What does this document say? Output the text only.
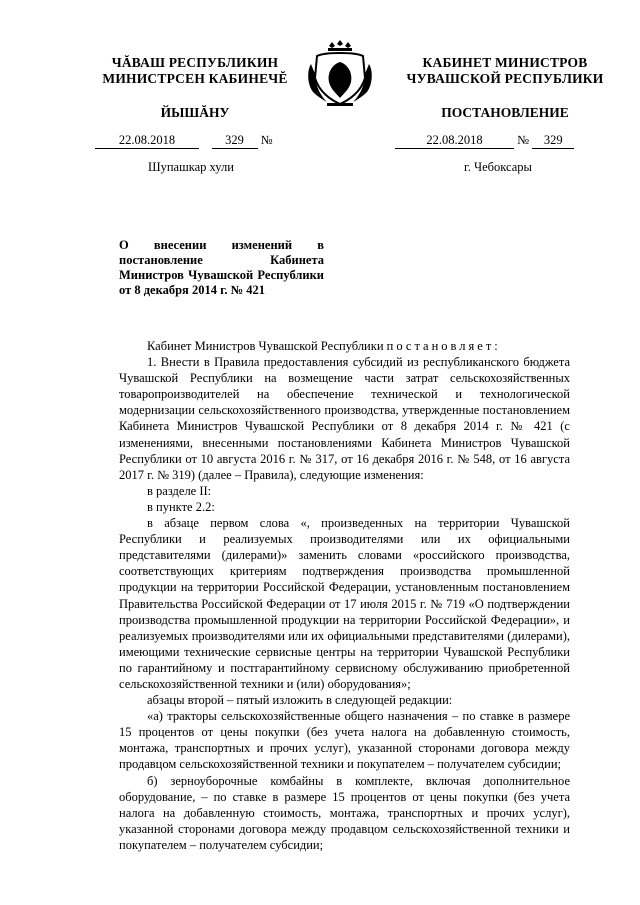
ЧĂВАШ РЕСПУБЛИКИН
МИНИСТРСЕН КАБИНЕЧĔ
ЙЫШĂНУ
КАБИНЕТ МИНИСТРОВ
ЧУВАШСКОЙ РЕСПУБЛИКИ
ПОСТАНОВЛЕНИЕ
22.08.2018	329 №	22.08.2018	№ 329
Шупашкар хули	г. Чебоксары
О внесении изменений в постановление Кабинета Министров Чувашской Республики от 8 декабря 2014 г. № 421

Кабинет Министров Чувашской Республики постановляет:

1. Внести в Правила предоставления субсидий из республиканского бюджета Чувашской Республики на возмещение части затрат сельскохозяйственных товаропроизводителей на обеспечение технической и технологической модернизации сельскохозяйственного производства, утвержденные постановлением Кабинета Министров Чувашской Республики от 8 декабря 2014 г. № 421 (с изменениями, внесенными постановлениями Кабинета Министров Чувашской Республики от 10 августа 2016 г. № 317, от 16 декабря 2016 г. № 548, от 16 августа 2017 г. № 319) (далее – Правила), следующие изменения:

в разделе II:

в пункте 2.2:

в абзаце первом слова «, произведенных на территории Чувашской Республики и реализуемых производителями или их официальными представителями (дилерами)» заменить словами «российского производства, соответствующих критериям подтверждения производства промышленной продукции на территории Российской Федерации, установленным постановлением Правительства Российской Федерации от 17 июля 2015 г. № 719 «О подтверждении производства промышленной продукции на территории Российской Федерации», и реализуемых производителями или их официальными представителями (дилерами), имеющими технические сервисные центры на территории Чувашской Республики по гарантийному и постгарантийному сервисному обслуживанию приобретенной сельскохозяйственной техники и (или) оборудования»;

абзацы второй – пятый изложить в следующей редакции:

«а) тракторы сельскохозяйственные общего назначения – по ставке в размере 15 процентов от цены покупки (без учета налога на добавленную стоимость, монтажа, транспортных и прочих услуг), указанной сторонами договора между продавцом сельскохозяйственной техники и покупателем – получателем субсидии;

б) зерноуборочные комбайны в комплекте, включая дополнительное оборудование, – по ставке в размере 15 процентов от цены покупки (без учета налога на добавленную стоимость, монтажа, транспортных и прочих услуг), указанной сторонами договора между продавцом сельскохозяйственной техники и покупателем – получателем субсидии;
